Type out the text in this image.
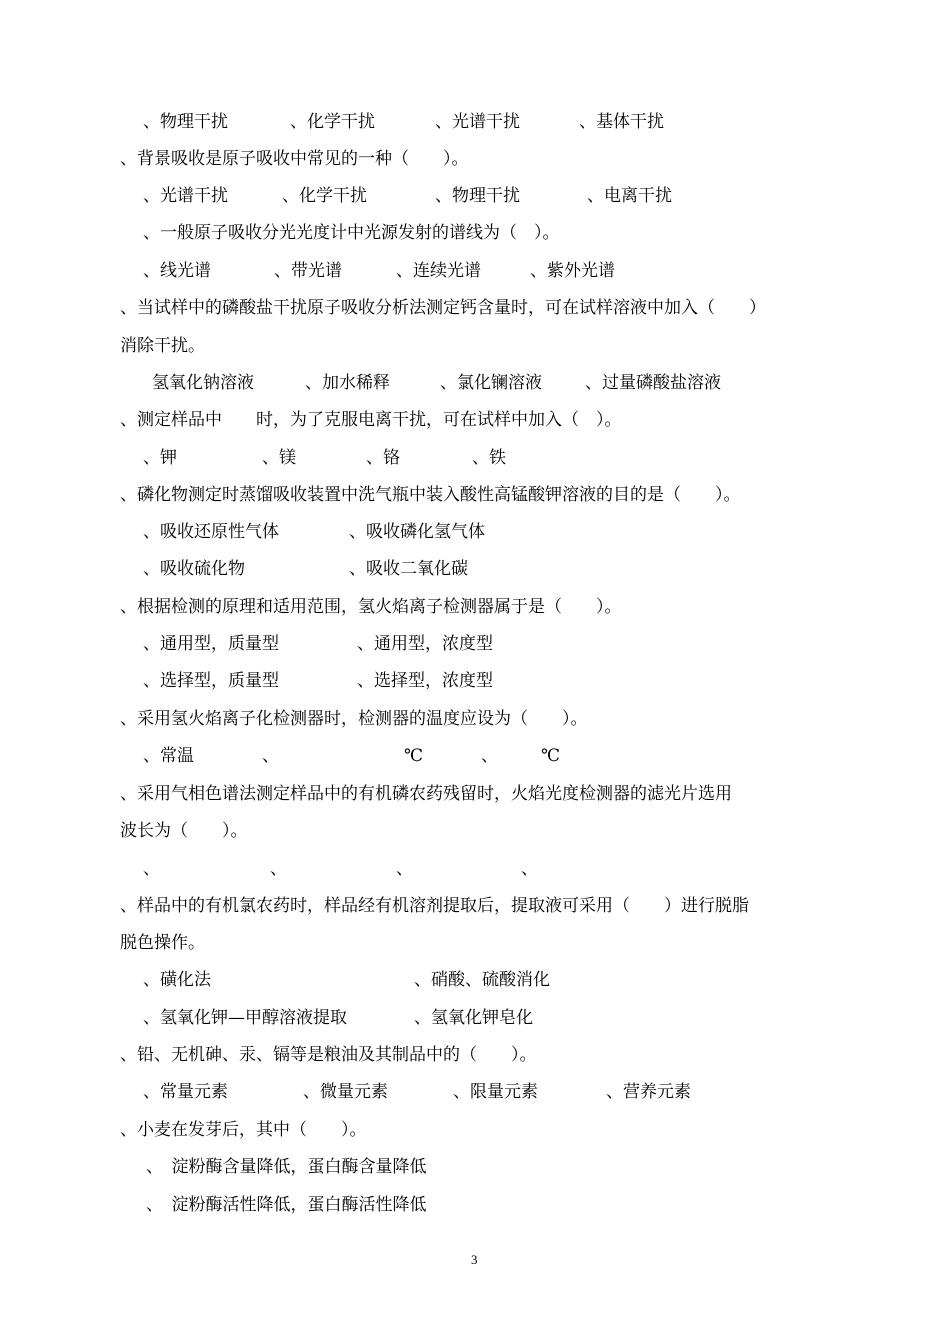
、物理干扰	、化学干扰	、光谱干扰	、基体干扰
、背景吸收是原子吸收中常见的一种（　　）。
、光谱干扰	、化学干扰	、物理干扰	、电离干扰
、一般原子吸收分光光度计中光源发射的谱线为（　）。
、线光谱	、带光谱	、连续光谱	、紫外光谱
、当试样中的磷酸盐干扰原子吸收分析法测定钙含量时，可在试样溶液中加入（　　）
消除干扰。
氢氧化钠溶液	、加水稀释	、氯化镧溶液	、过量磷酸盐溶液
、测定样品中　　时，为了克服电离干扰，可在试样中加入（　）。
、钾	、镁	、铬	、铁
、磷化物测定时蒸馏吸收装置中洗气瓶中装入酸性高锰酸钾溶液的目的是（　　）。
、吸收还原性气体	、吸收磷化氢气体
、吸收硫化物	、吸收二氧化碳
、根据检测的原理和适用范围，氢火焰离子检测器属于是（　　）。
、通用型，质量型	、通用型，浓度型
、选择型，质量型	、选择型，浓度型
、采用氢火焰离子化检测器时，检测器的温度应设为（　　）。
、常温	、	℃	、	℃
、采用气相色谱法测定样品中的有机磷农药残留时，火焰光度检测器的滤光片选用
波长为（　　）。
、	、	、	、
、样品中的有机氯农药时，样品经有机溶剂提取后，提取液可采用（　　）进行脱脂
脱色操作。
、磺化法	、硝酸、硫酸消化
、氢氧化钾—甲醇溶液提取	、氢氧化钾皂化
、铅、无机砷、汞、镉等是粮油及其制品中的（　　）。
、常量元素	、微量元素	、限量元素	、营养元素
、小麦在发芽后，其中（　　）。
、　淀粉酶含量降低，蛋白酶含量降低
、　淀粉酶活性降低，蛋白酶活性降低
3
